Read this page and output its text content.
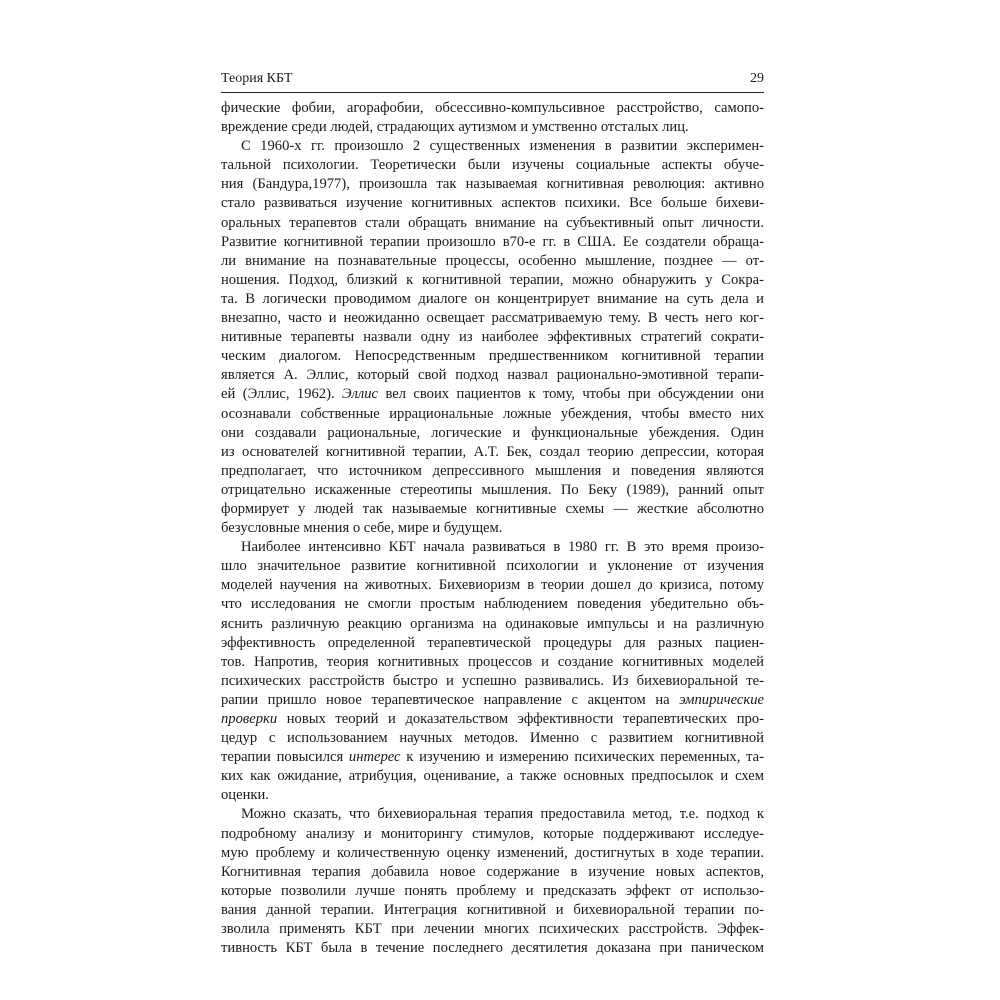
Теория КБТ	29
фические фобии, агорафобии, обсессивно-компульсивное расстройство, самопо-
вреждение среди людей, страдающих аутизмом и умственно отсталых лиц.
С 1960-х гг. произошло 2 существенных изменения в развитии эксперимен-
тальной психологии. Теоретически были изучены социальные аспекты обуче-
ния (Бандура,1977), произошла так называемая когнитивная революция: активно
стало развиваться изучение когнитивных аспектов психики. Все больше бихеви-
оральных терапевтов стали обращать внимание на субъективный опыт личности.
Развитие когнитивной терапии произошло в70-е гг. в США. Ее создатели обраща-
ли внимание на познавательные процессы, особенно мышление, позднее — от-
ношения. Подход, близкий к когнитивной терапии, можно обнаружить у Сокра-
та. В логически проводимом диалоге он концентрирует внимание на суть дела и
внезапно, часто и неожиданно освещает рассматриваемую тему. В честь него ког-
нитивные терапевты назвали одну из наиболее эффективных стратегий сократи-
ческим диалогом. Непосредственным предшественником когнитивной терапии
является А. Эллис, который свой подход назвал рационально-эмотивной терапи-
ей (Эллис, 1962). Эллис вел своих пациентов к тому, чтобы при обсуждении они
осознавали собственные иррациональные ложные убеждения, чтобы вместо них
они создавали рациональные, логические и функциональные убеждения. Один
из основателей когнитивной терапии, А.Т. Бек, создал теорию депрессии, которая
предполагает, что источником депрессивного мышления и поведения являются
отрицательно искаженные стереотипы мышления. По Беку (1989), ранний опыт
формирует у людей так называемые когнитивные схемы — жесткие абсолютно
безусловные мнения о себе, мире и будущем.
Наиболее интенсивно КБТ начала развиваться в 1980 гг. В это время произо-
шло значительное развитие когнитивной психологии и уклонение от изучения
моделей научения на животных. Бихевиоризм в теории дошел до кризиса, потому
что исследования не смогли простым наблюдением поведения убедительно объ-
яснить различную реакцию организма на одинаковые импульсы и на различную
эффективность определенной терапевтической процедуры для разных пациен-
тов. Напротив, теория когнитивных процессов и создание когнитивных моделей
психических расстройств быстро и успешно развивались. Из бихевиоральной те-
рапии пришло новое терапевтическое направление с акцентом на эмпирические
проверки новых теорий и доказательством эффективности терапевтических про-
цедур с использованием научных методов. Именно с развитием когнитивной
терапии повысился интерес к изучению и измерению психических переменных, та-
ких как ожидание, атрибуция, оценивание, а также основных предпосылок и схем
оценки.
Можно сказать, что бихевиоральная терапия предоставила метод, т.е. подход к
подробному анализу и мониторингу стимулов, которые поддерживают исследуе-
мую проблему и количественную оценку изменений, достигнутых в ходе терапии.
Когнитивная терапия добавила новое содержание в изучение новых аспектов,
которые позволили лучше понять проблему и предсказать эффект от использо-
вания данной терапии. Интеграция когнитивной и бихевиоральной терапии по-
зволила применять КБТ при лечении многих психических расстройств. Эффек-
тивность КБТ была в течение последнего десятилетия доказана при паническом
